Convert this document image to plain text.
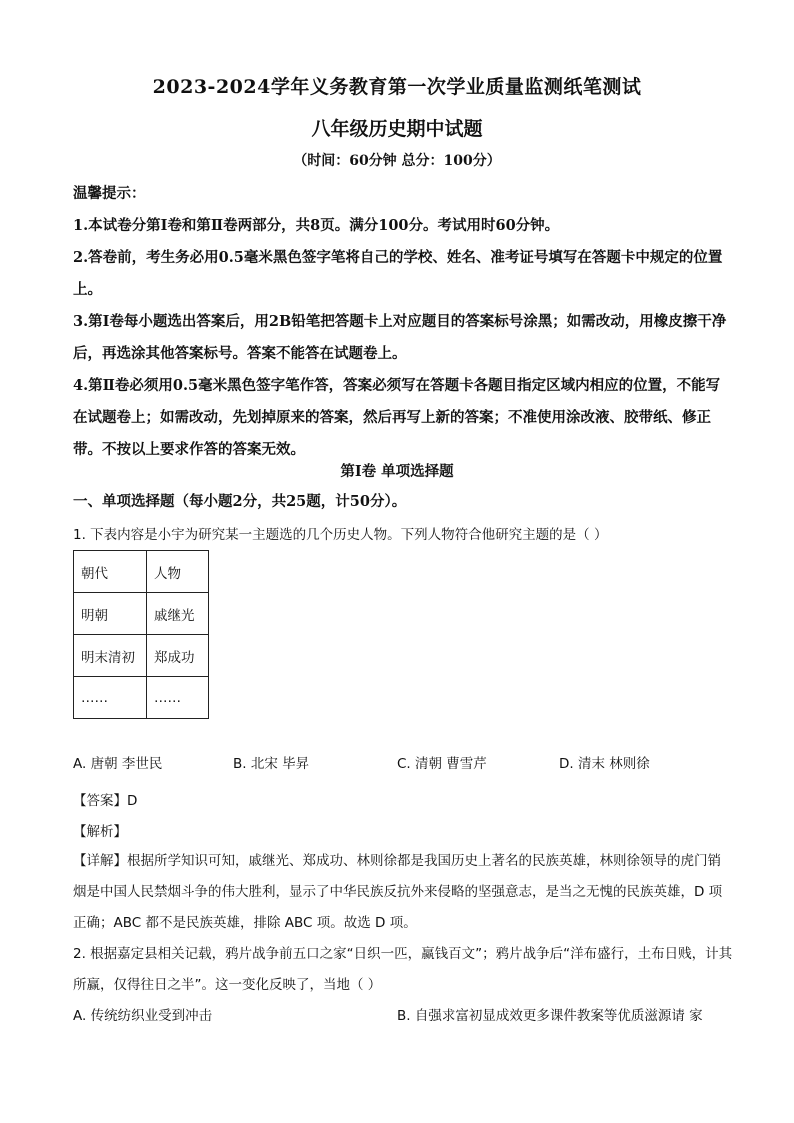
2023-2024学年义务教育第一次学业质量监测纸笔测试
八年级历史期中试题
（时间：60分钟 总分：100分）
温馨提示：
1.本试卷分第Ⅰ卷和第Ⅱ卷两部分，共8页。满分100分。考试用时60分钟。
2.答卷前，考生务必用0.5毫米黑色签字笔将自己的学校、姓名、准考证号填写在答题卡中规定的位置上。
3.第Ⅰ卷每小题选出答案后，用2B铅笔把答题卡上对应题目的答案标号涂黑；如需改动，用橡皮擦干净后，再选涂其他答案标号。答案不能答在试题卷上。
4.第Ⅱ卷必须用0.5毫米黑色签字笔作答，答案必须写在答题卡各题目指定区域内相应的位置，不能写在试题卷上；如需改动，先划掉原来的答案，然后再写上新的答案；不准使用涂改液、胶带纸、修正带。不按以上要求作答的答案无效。
第Ⅰ卷 单项选择题
一、单项选择题（每小题2分，共25题，计50分）。
1. 下表内容是小宇为研究某一主题选的几个历史人物。下列人物符合他研究主题的是（ ）
朝代	人物
明朝	戚继光
明末清初	郑成功
……	……
A. 唐朝 李世民	B. 北宋 毕昇	C. 清朝 曹雪芹	D. 清末 林则徐
【答案】D
【解析】
【详解】根据所学知识可知，戚继光、郑成功、林则徐都是我国历史上著名的民族英雄，林则徐领导的虎门销烟是中国人民禁烟斗争的伟大胜利，显示了中华民族反抗外来侵略的坚强意志，是当之无愧的民族英雄，D 项正确；ABC 都不是民族英雄，排除 ABC 项。故选 D 项。
2. 根据嘉定县相关记载，鸦片战争前五口之家“日织一匹，赢钱百文”；鸦片战争后“洋布盛行，土布日贱，计其所赢，仅得往日之半”。这一变化反映了，当地（ ）
A. 传统纺织业受到冲击	B. 自强求富初显成效更多课件教案等优质滋源请 家
